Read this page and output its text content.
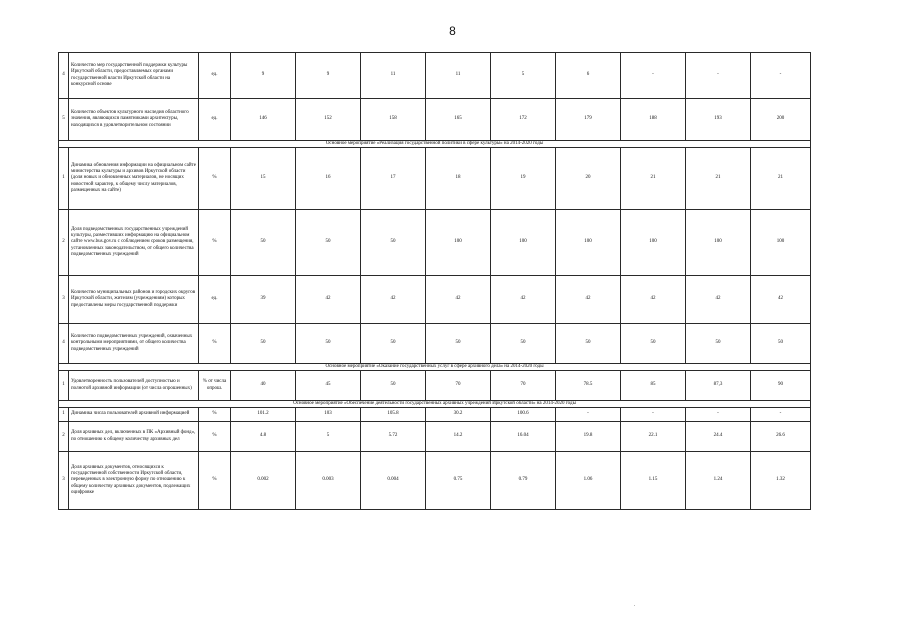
8
4	Количество мер государственной поддержки культуры Иркутской области, предоставляемых органами государственной власти Иркутской области на конкурсной основе	ед.	9	9	11	11	5	6	-	-	-
5	Количество объектов культурного наследия областного значения, являющихся памятниками архитектуры, находящихся в удовлетворительном состоянии	ед.	146	152	158	165	172	179	188	193	200
Основное мероприятие «Реализация государственной политики в сфере культуры» на 2014-2020 годы											
1	Динамика обновления информации на официальном сайте министерства культуры и архивов Иркутской области (доля новых и обновленных материалов, не носящих новостной характер, к общему числу материалов, размещенных на сайте)	%	15	16	17	18	19	20	21	21	21
2	Доля подведомственных государственных учреждений культуры, разместивших информацию на официальном сайте www.bus.gov.ru с соблюдением сроков размещения, установленных законодательством, от общего количества подведомственных учреждений	%	50	50	50	100	100	100	100	100	100
3	Количество муниципальных районов и городских округов Иркутской области, жителям (учреждениям) которых предоставлены меры государственной поддержки	ед.	39	42	42	42	42	42	42	42	42
4	Количество подведомственных учреждений, охваченных контрольными мероприятиями, от общего количества подведомственных учреждений	%	50	50	50	50	50	50	50	50	50
Основное мероприятие «Оказание государственных услуг в сфере архивного дела» на 2014-2020 годы											
1	Удовлетворенность пользователей доступностью и полнотой архивной информации (от числа опрошенных)	% от числа опрош.	40	45	50	70	70	78.5	85	87,3	90
Основное мероприятие «Обеспечение деятельности государственных архивных учреждений Иркутской области» на 2014-2020 годы											
1	Динамика числа пользователей архивной информацией	%	101.2	103	105.8	30.2	100.6	-	-	-	-
2	Доля архивных дел, включенных в ПК «Архивный фонд», по отношению к общему количеству архивных дел	%	4.8	5	5.72	14.2	16.04	19.8	22.1	24.4	26.6
3	Доля архивных документов, относящихся к государственной собственности Иркутской области, переведенных в электронную форму по отношению к общему количеству архивных документов, подлежащих оцифровке	%	0.002	0.003	0.004	0.75	0.79	1.06	1.15	1.24	1.32
